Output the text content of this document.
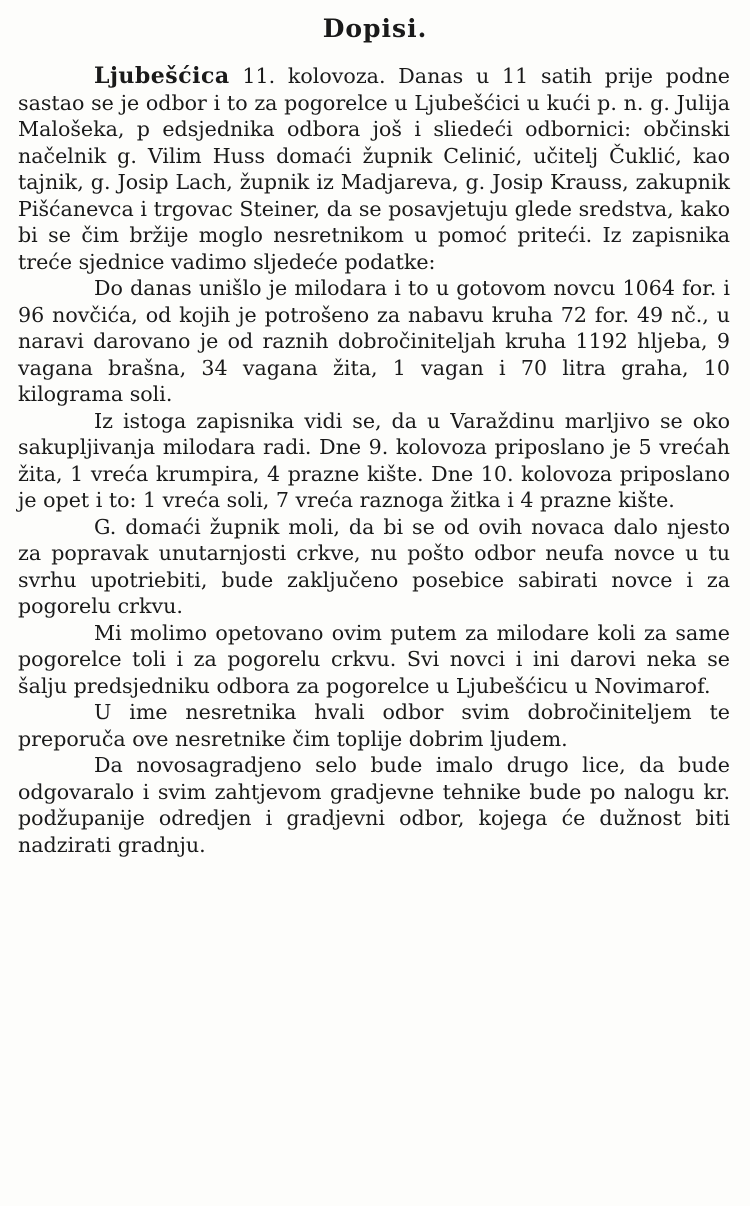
Dopisi.

Ljubešćica 11. kolovoza. Danas u 11 satih prije podne sastao se je odbor i to za pogorelce u Ljubešćici u kući p. n. g. Julija Malošeka, p edsjednika odbora još i sliedeći odbornici: občinski načelnik g. Vilim Huss domaći župnik Celinić, učitelj Čuklić, kao tajnik, g. Josip Lach, župnik iz Madjareva, g. Josip Krauss, zakupnik Pišćanevca i trgovac Steiner, da se posavjetuju glede sredstva, kako bi se čim bržije moglo nesretnikom u pomoć priteći. Iz zapisnika treće sjednice vadimo sljedeće podatke:

Do danas unišlo je milodara i to u gotovom novcu 1064 for. i 96 novčića, od kojih je potrošeno za nabavu kruha 72 for. 49 nč., u naravi darovano je od raznih dobročiniteljah kruha 1192 hljeba, 9 vagana brašna, 34 vagana žita, 1 vagan i 70 litra graha, 10 kilograma soli.

Iz istoga zapisnika vidi se, da u Varaždinu marljivo se oko sakupljivanja milodara radi. Dne 9. kolovoza priposlano je 5 vrećah žita, 1 vreća krumpira, 4 prazne kište. Dne 10. kolovoza priposlano je opet i to: 1 vreća soli, 7 vreća raznoga žitka i 4 prazne kište.

G. domaći župnik moli, da bi se od ovih novaca dalo njesto za popravak unutarnjosti crkve, nu pošto odbor neufa novce u tu svrhu upotriebiti, bude zaključeno posebice sabirati novce i za pogorelu crkvu.

Mi molimo opetovano ovim putem za milodare koli za same pogorelce toli i za pogorelu crkvu. Svi novci i ini darovi neka se šalju predsjedniku odbora za pogorelce u Ljubešćicu u Novimarof.

U ime nesretnika hvali odbor svim dobročiniteljem te preporuča ove nesretnike čim toplije dobrim ljudem.

Da novosagradjeno selo bude imalo drugo lice, da bude odgovaralo i svim zahtjevom gradjevne tehnike bude po nalogu kr. podžupanije odredjen i gradjevni odbor, kojega će dužnost biti nadzirati gradnju.
